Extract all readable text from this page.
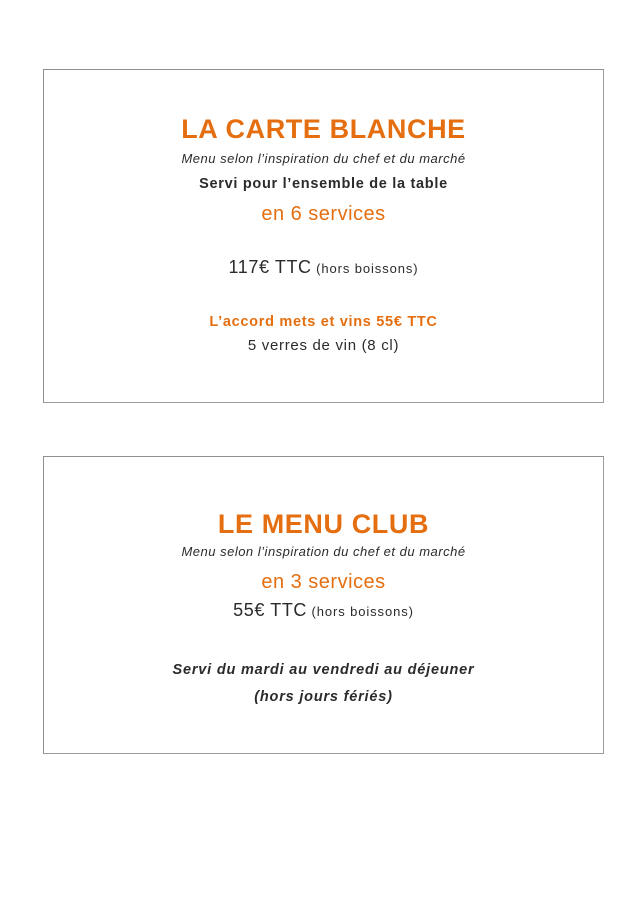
LA CARTE BLANCHE
Menu selon l’inspiration du chef et du marché
Servi pour l’ensemble de la table
en 6 services
117€ TTC (hors boissons)
L’accord mets et vins 55€ TTC
5 verres de vin (8 cl)
LE MENU CLUB
Menu selon l’inspiration du chef et du marché
en 3 services
55€ TTC (hors boissons)
Servi du mardi au vendredi au déjeuner
(hors jours fériés)
